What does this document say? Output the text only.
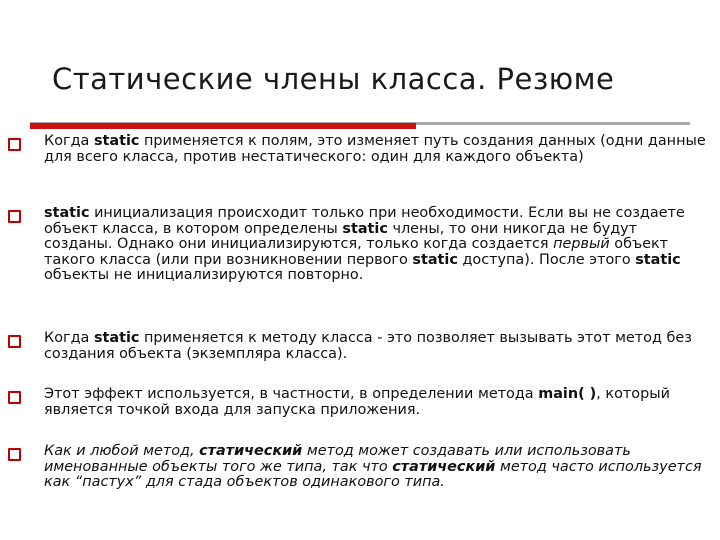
Статические члены класса. Резюме
Когда static применяется к полям, это изменяет путь создания данных (одни данные для всего класса, против нестатического: один для каждого объекта)
static инициализация происходит только при необходимости. Если вы не создаете объект класса, в котором определены static члены, то они никогда не будут созданы. Однако они инициализируются, только когда создается первый объект такого класса (или при возникновении первого static доступа). После этого static объекты не инициализируются повторно.
Когда static применяется к методу класса - это позволяет вызывать этот метод без создания объекта (экземпляра класса).
Этот эффект используется, в частности, в определении метода main( ), который является точкой входа для запуска приложения.
Как и любой метод, статический метод может создавать или использовать именованные объекты того же типа, так что статический метод часто используется как “пастух” для стада объектов одинакового типа.
